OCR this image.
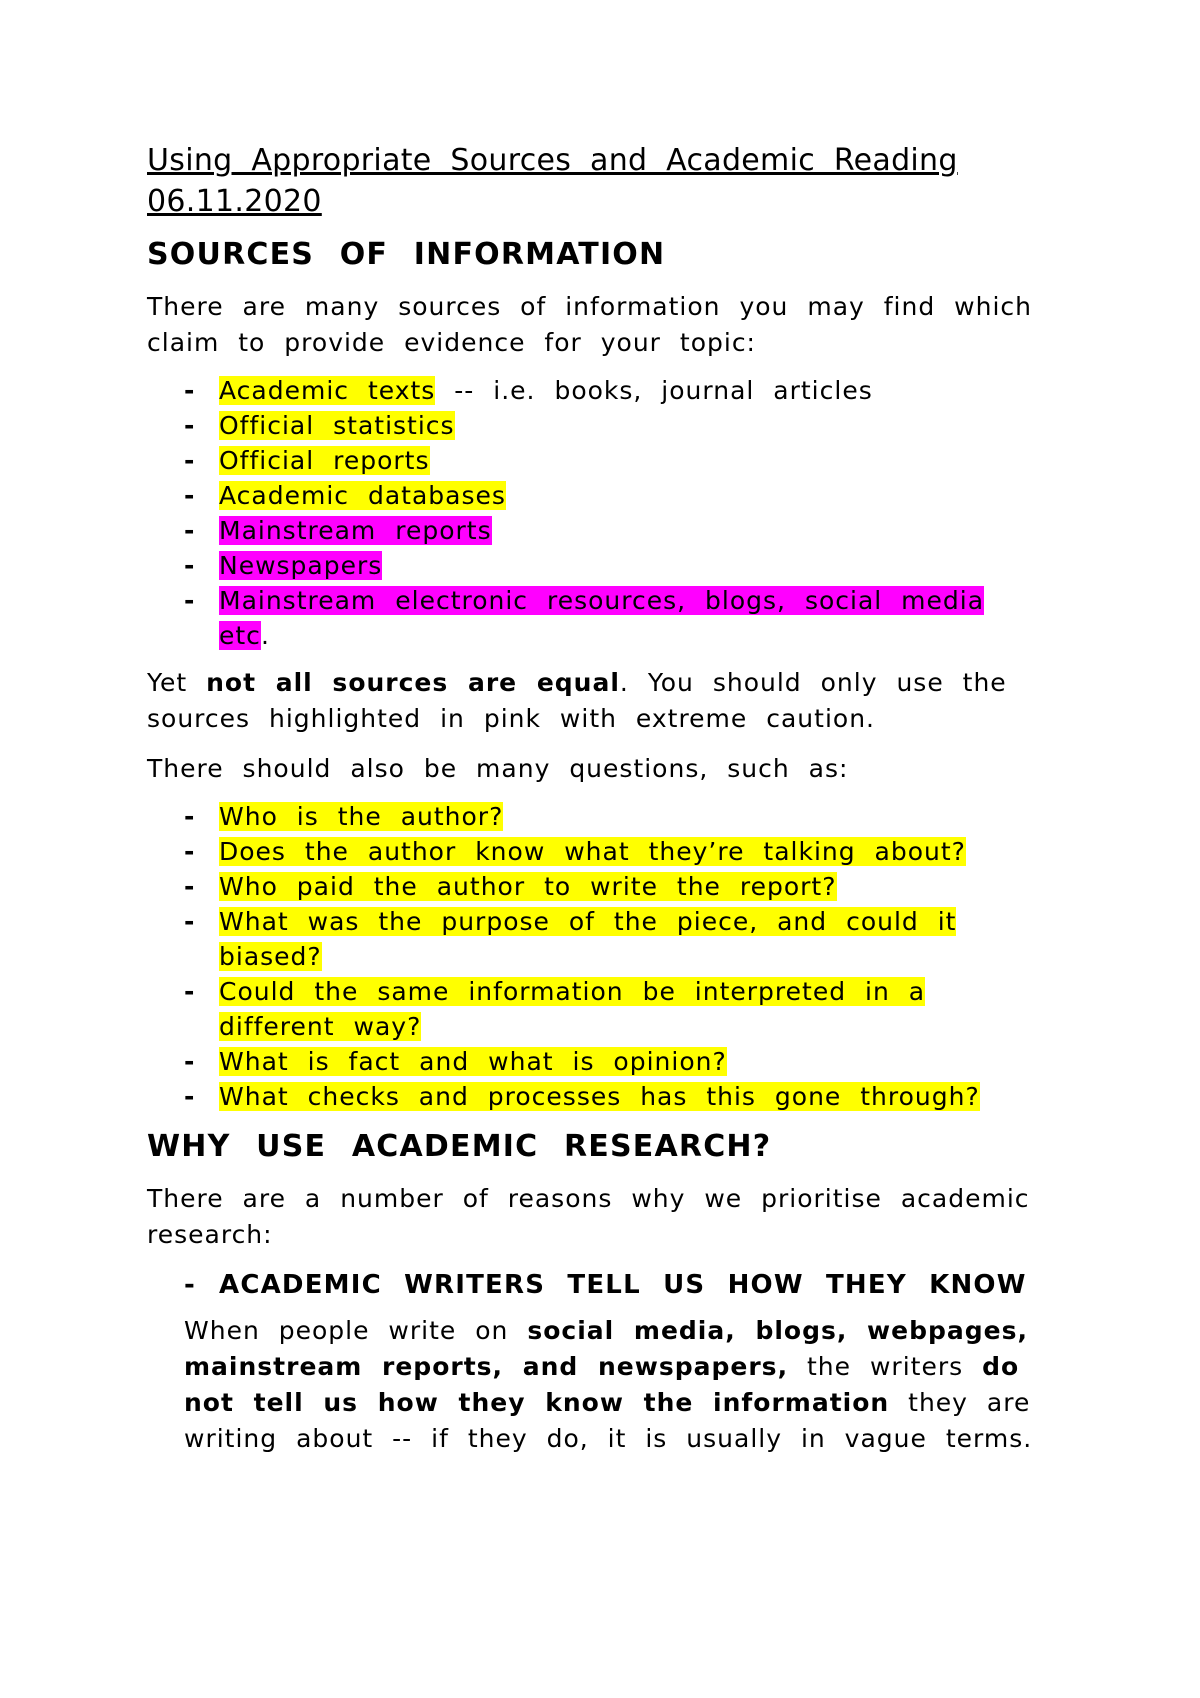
Using Appropriate Sources and Academic Reading
06.11.2020
SOURCES OF INFORMATION

There are many sources of information you may find which claim to provide evidence for your topic:

- Academic texts -- i.e. books, journal articles
- Official statistics
- Official reports
- Academic databases
- Mainstream reports
- Newspapers
- Mainstream electronic resources, blogs, social media etc.

Yet not all sources are equal. You should only use the sources highlighted in pink with extreme caution.

There should also be many questions, such as:

- Who is the author?
- Does the author know what they’re talking about?
- Who paid the author to write the report?
- What was the purpose of the piece, and could it biased?
- Could the same information be interpreted in a different way?
- What is fact and what is opinion?
- What checks and processes has this gone through?
WHY USE ACADEMIC RESEARCH?

There are a number of reasons why we prioritise academic research:

- ACADEMIC WRITERS TELL US HOW THEY KNOW

When people write on social media, blogs, webpages, mainstream reports, and newspapers, the writers do not tell us how they know the information they are writing about -- if they do, it is usually in vague terms.
